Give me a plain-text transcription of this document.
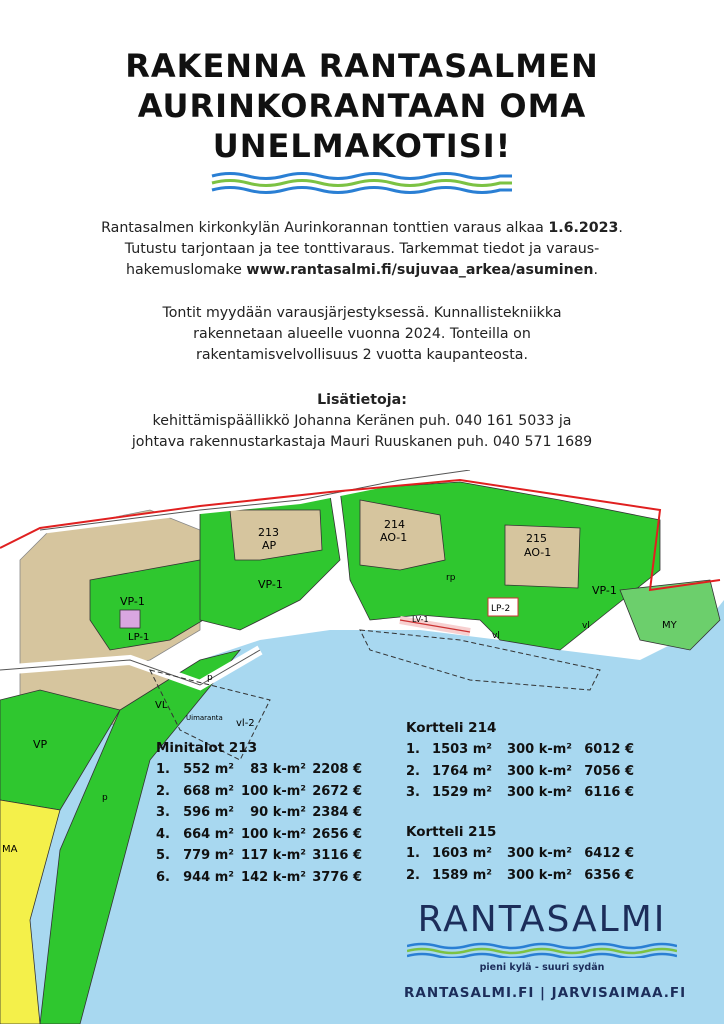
RAKENNA RANTASALMEN
AURINKORANTAAN OMA
UNELMAKOTISI!
Rantasalmen kirkonkylän Aurinkorannan tonttien varaus alkaa 1.6.2023.
Tutustu tarjontaan ja tee tonttivaraus. Tarkemmat tiedot ja varaus-
hakemuslomake www.rantasalmi.fi/sujuvaa_arkea/asuminen.
Tontit myydään varausjärjestyksessä. Kunnallistekniikka
rakennetaan alueelle vuonna 2024. Tonteilla on
rakentamisvelvollisuus 2 vuotta kaupanteosta.
Lisätietoja:
kehittämispäällikkö Johanna Keränen puh. 040 161 5033 ja
johtava rakennustarkastaja Mauri Ruuskanen puh. 040 571 1689
VP-1
VP-1	VP-1
VP
VL
vl-2
vl
vl
rp
LP-1
LP-2
MY
MA
LV-1
213
AP
214
AO-1	215
AO-1
Uimaranta
p
p
Minitalot 213
1.	552 m²	83 k-m² 2208 €
2.	668 m² 100 k-m² 2672 €
3.	596 m²	90 k-m² 2384 €
4.	664 m² 100 k-m² 2656 €
5.	779 m² 117 k-m² 3116 €
6.	944 m² 142 k-m² 3776 €
Kortteli 214
1. 1503 m²	300 k-m² 6012 €
2. 1764 m²	300 k-m² 7056 €
3. 1529 m²	300 k-m² 6116 €
Kortteli 215
1. 1603 m²	300 k-m² 6412 €
2. 1589 m²	300 k-m² 6356 €
RANTASALMI
pieni kylä - suuri sydän
RANTASALMI.FI | JARVISAIMAA.FI
